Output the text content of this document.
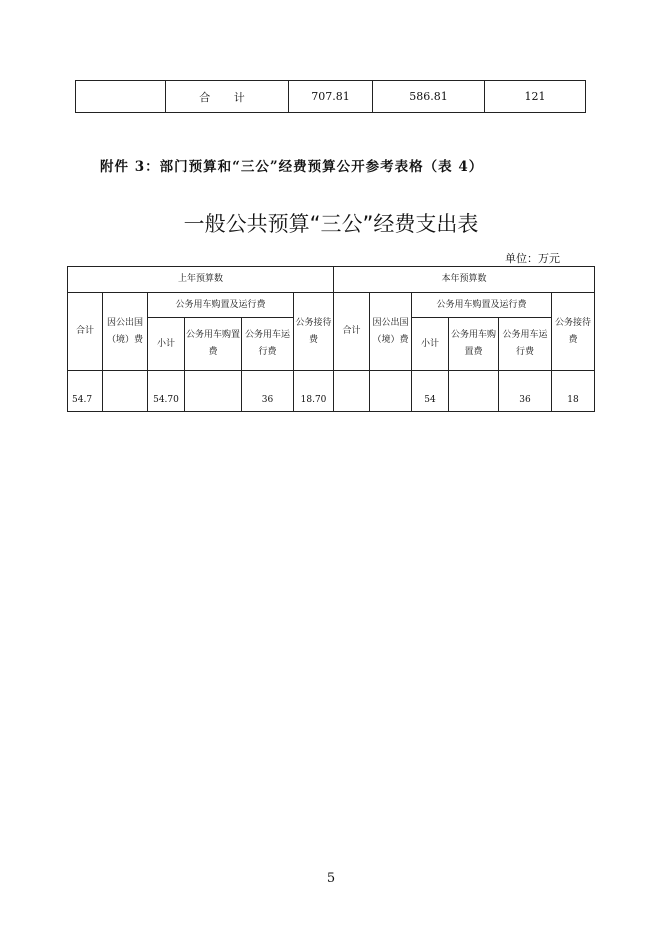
	合 计	707.81	586.81	121
附件 3：部门预算和“三公”经费预算公开参考表格（表 4）
一般公共预算“三公”经费支出表
单位：万元
上年预算数						本年预算数					
合计	因公出国（境）费	公务用车购置及运行费			公务接待费	合计	因公出国（境）费	公务用车购置及运行费			公务接待费
		小计	公务用车购置费	公务用车运行费				小计	公务用车购置费	公务用车运行费	
54.7		54.70		36	18.70			54		36	18
5
